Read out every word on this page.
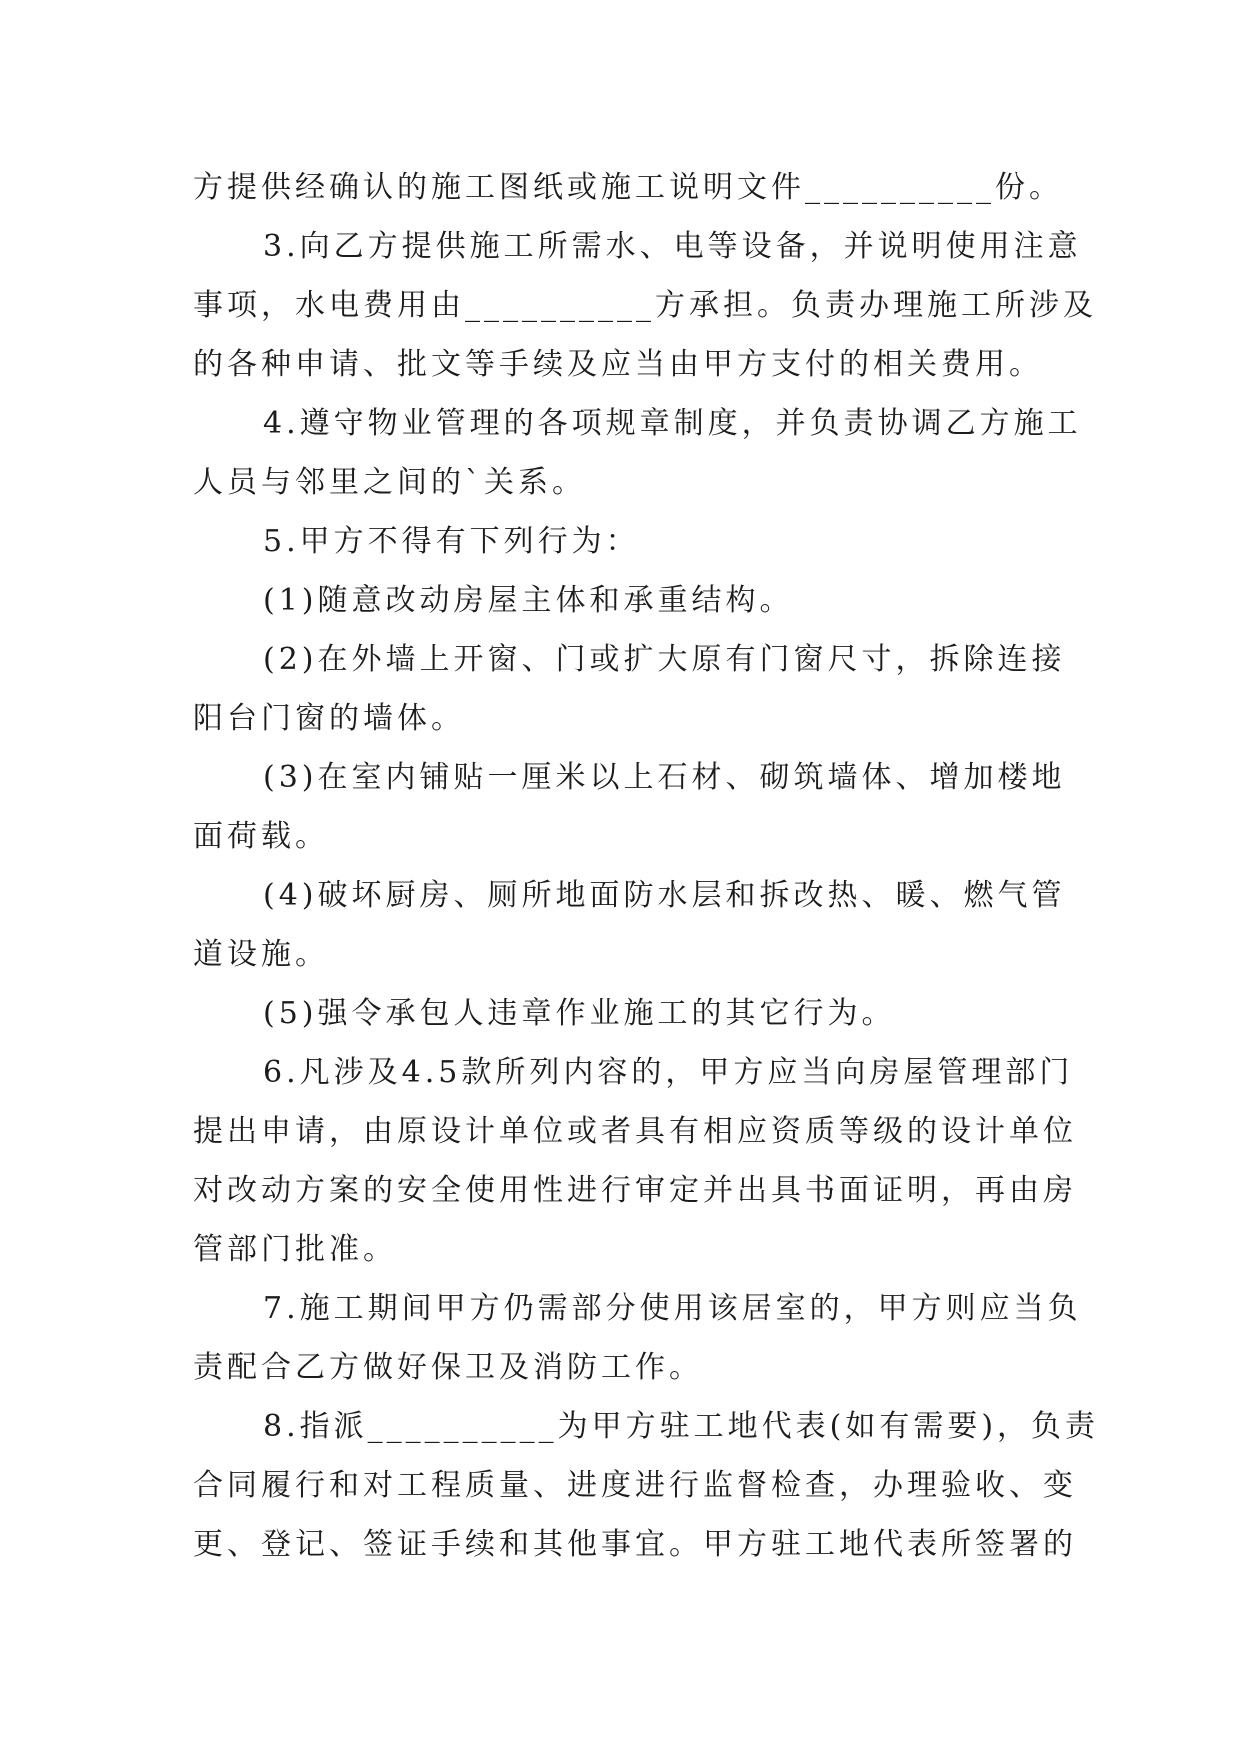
方提供经确认的施工图纸或施工说明文件__________份。
3.向乙方提供施工所需水、电等设备，并说明使用注意
事项，水电费用由__________方承担。负责办理施工所涉及
的各种申请、批文等手续及应当由甲方支付的相关费用。
4.遵守物业管理的各项规章制度，并负责协调乙方施工
人员与邻里之间的`关系。
5.甲方不得有下列行为：
(1)随意改动房屋主体和承重结构。
(2)在外墙上开窗、门或扩大原有门窗尺寸，拆除连接
阳台门窗的墙体。
(3)在室内铺贴一厘米以上石材、砌筑墙体、增加楼地
面荷载。
(4)破坏厨房、厕所地面防水层和拆改热、暖、燃气管
道设施。
(5)强令承包人违章作业施工的其它行为。
6.凡涉及4.5款所列内容的，甲方应当向房屋管理部门
提出申请，由原设计单位或者具有相应资质等级的设计单位
对改动方案的安全使用性进行审定并出具书面证明，再由房
管部门批准。
7.施工期间甲方仍需部分使用该居室的，甲方则应当负
责配合乙方做好保卫及消防工作。
8.指派__________为甲方驻工地代表(如有需要)，负责
合同履行和对工程质量、进度进行监督检查，办理验收、变
更、登记、签证手续和其他事宜。甲方驻工地代表所签署的
